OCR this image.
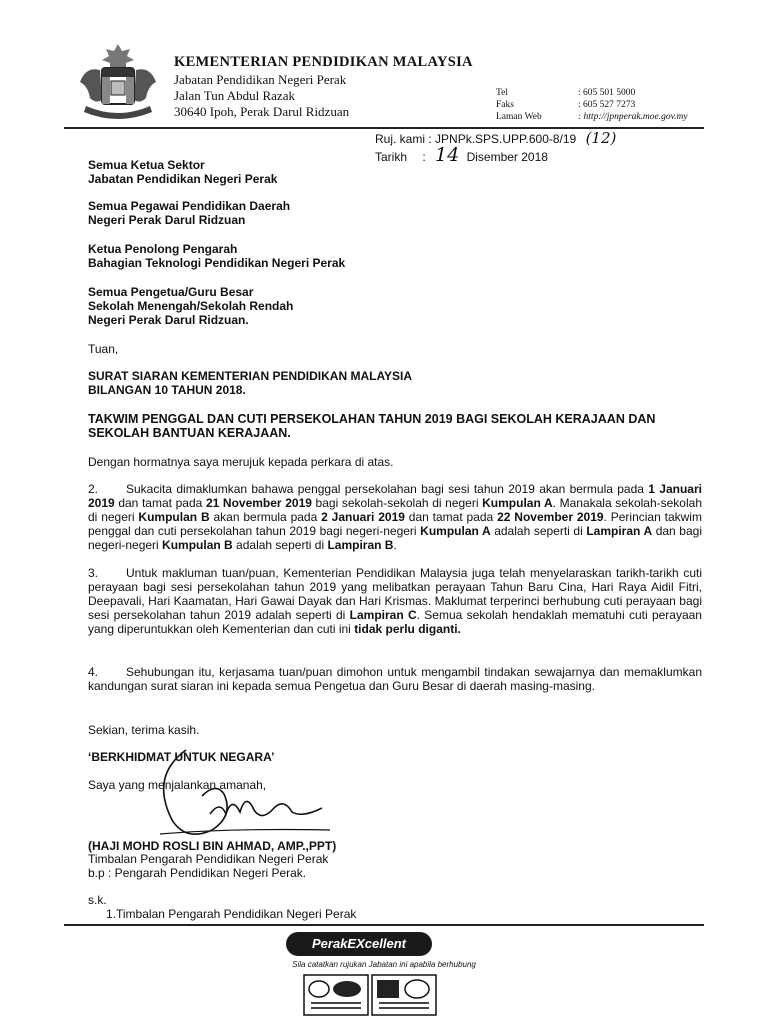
KEMENTERIAN PENDIDIKAN MALAYSIA
Jabatan Pendidikan Negeri Perak
Jalan Tun Abdul Razak
30640 Ipoh, Perak Darul Ridzuan
Tel	: 605 501 5000
Faks	: 605 527 7273
Laman Web	: http://jpnperak.moe.gov.my
Ruj. kami : JPNPk.SPS.UPP.600-8/19 (12)
Tarikh : 14 Disember 2018
Semua Ketua Sektor
Jabatan Pendidikan Negeri Perak
Semua Pegawai Pendidikan Daerah
Negeri Perak Darul Ridzuan
Ketua Penolong Pengarah
Bahagian Teknologi Pendidikan Negeri Perak
Semua Pengetua/Guru Besar
Sekolah Menengah/Sekolah Rendah
Negeri Perak Darul Ridzuan.
Tuan,
SURAT SIARAN KEMENTERIAN PENDIDIKAN MALAYSIA
BILANGAN 10 TAHUN 2018.
TAKWIM PENGGAL DAN CUTI PERSEKOLAHAN TAHUN 2019 BAGI SEKOLAH KERAJAAN DAN
SEKOLAH BANTUAN KERAJAAN.
Dengan hormatnya saya merujuk kepada perkara di atas.
2. Sukacita dimaklumkan bahawa penggal persekolahan bagi sesi tahun 2019 akan bermula pada 1 Januari 2019 dan tamat pada 21 November 2019 bagi sekolah-sekolah di negeri Kumpulan A. Manakala sekolah-sekolah di negeri Kumpulan B akan bermula pada 2 Januari 2019 dan tamat pada 22 November 2019. Perincian takwim penggal dan cuti persekolahan tahun 2019 bagi negeri-negeri Kumpulan A adalah seperti di Lampiran A dan bagi negeri-negeri Kumpulan B adalah seperti di Lampiran B.
3. Untuk makluman tuan/puan, Kementerian Pendidikan Malaysia juga telah menyelaraskan tarikh-tarikh cuti perayaan bagi sesi persekolahan tahun 2019 yang melibatkan perayaan Tahun Baru Cina, Hari Raya Aidil Fitri, Deepavali, Hari Kaamatan, Hari Gawai Dayak dan Hari Krismas. Maklumat terperinci berhubung cuti perayaan bagi sesi persekolahan tahun 2019 adalah seperti di Lampiran C. Semua sekolah hendaklah mematuhi cuti perayaan yang diperuntukkan oleh Kementerian dan cuti ini tidak perlu diganti.
4. Sehubungan itu, kerjasama tuan/puan dimohon untuk mengambil tindakan sewajarnya dan memaklumkan kandungan surat siaran ini kepada semua Pengetua dan Guru Besar di daerah masing-masing.
Sekian, terima kasih.
‘BERKHIDMAT UNTUK NEGARA’
Saya yang menjalankan amanah,
(HAJI MOHD ROSLI BIN AHMAD, AMP.,PPT)
Timbalan Pengarah Pendidikan Negeri Perak
b.p : Pengarah Pendidikan Negeri Perak.
s.k.
1.Timbalan Pengarah Pendidikan Negeri Perak
PerakEXcellent
Sila catatkan rujukan Jabatan ini apabila berhubung
